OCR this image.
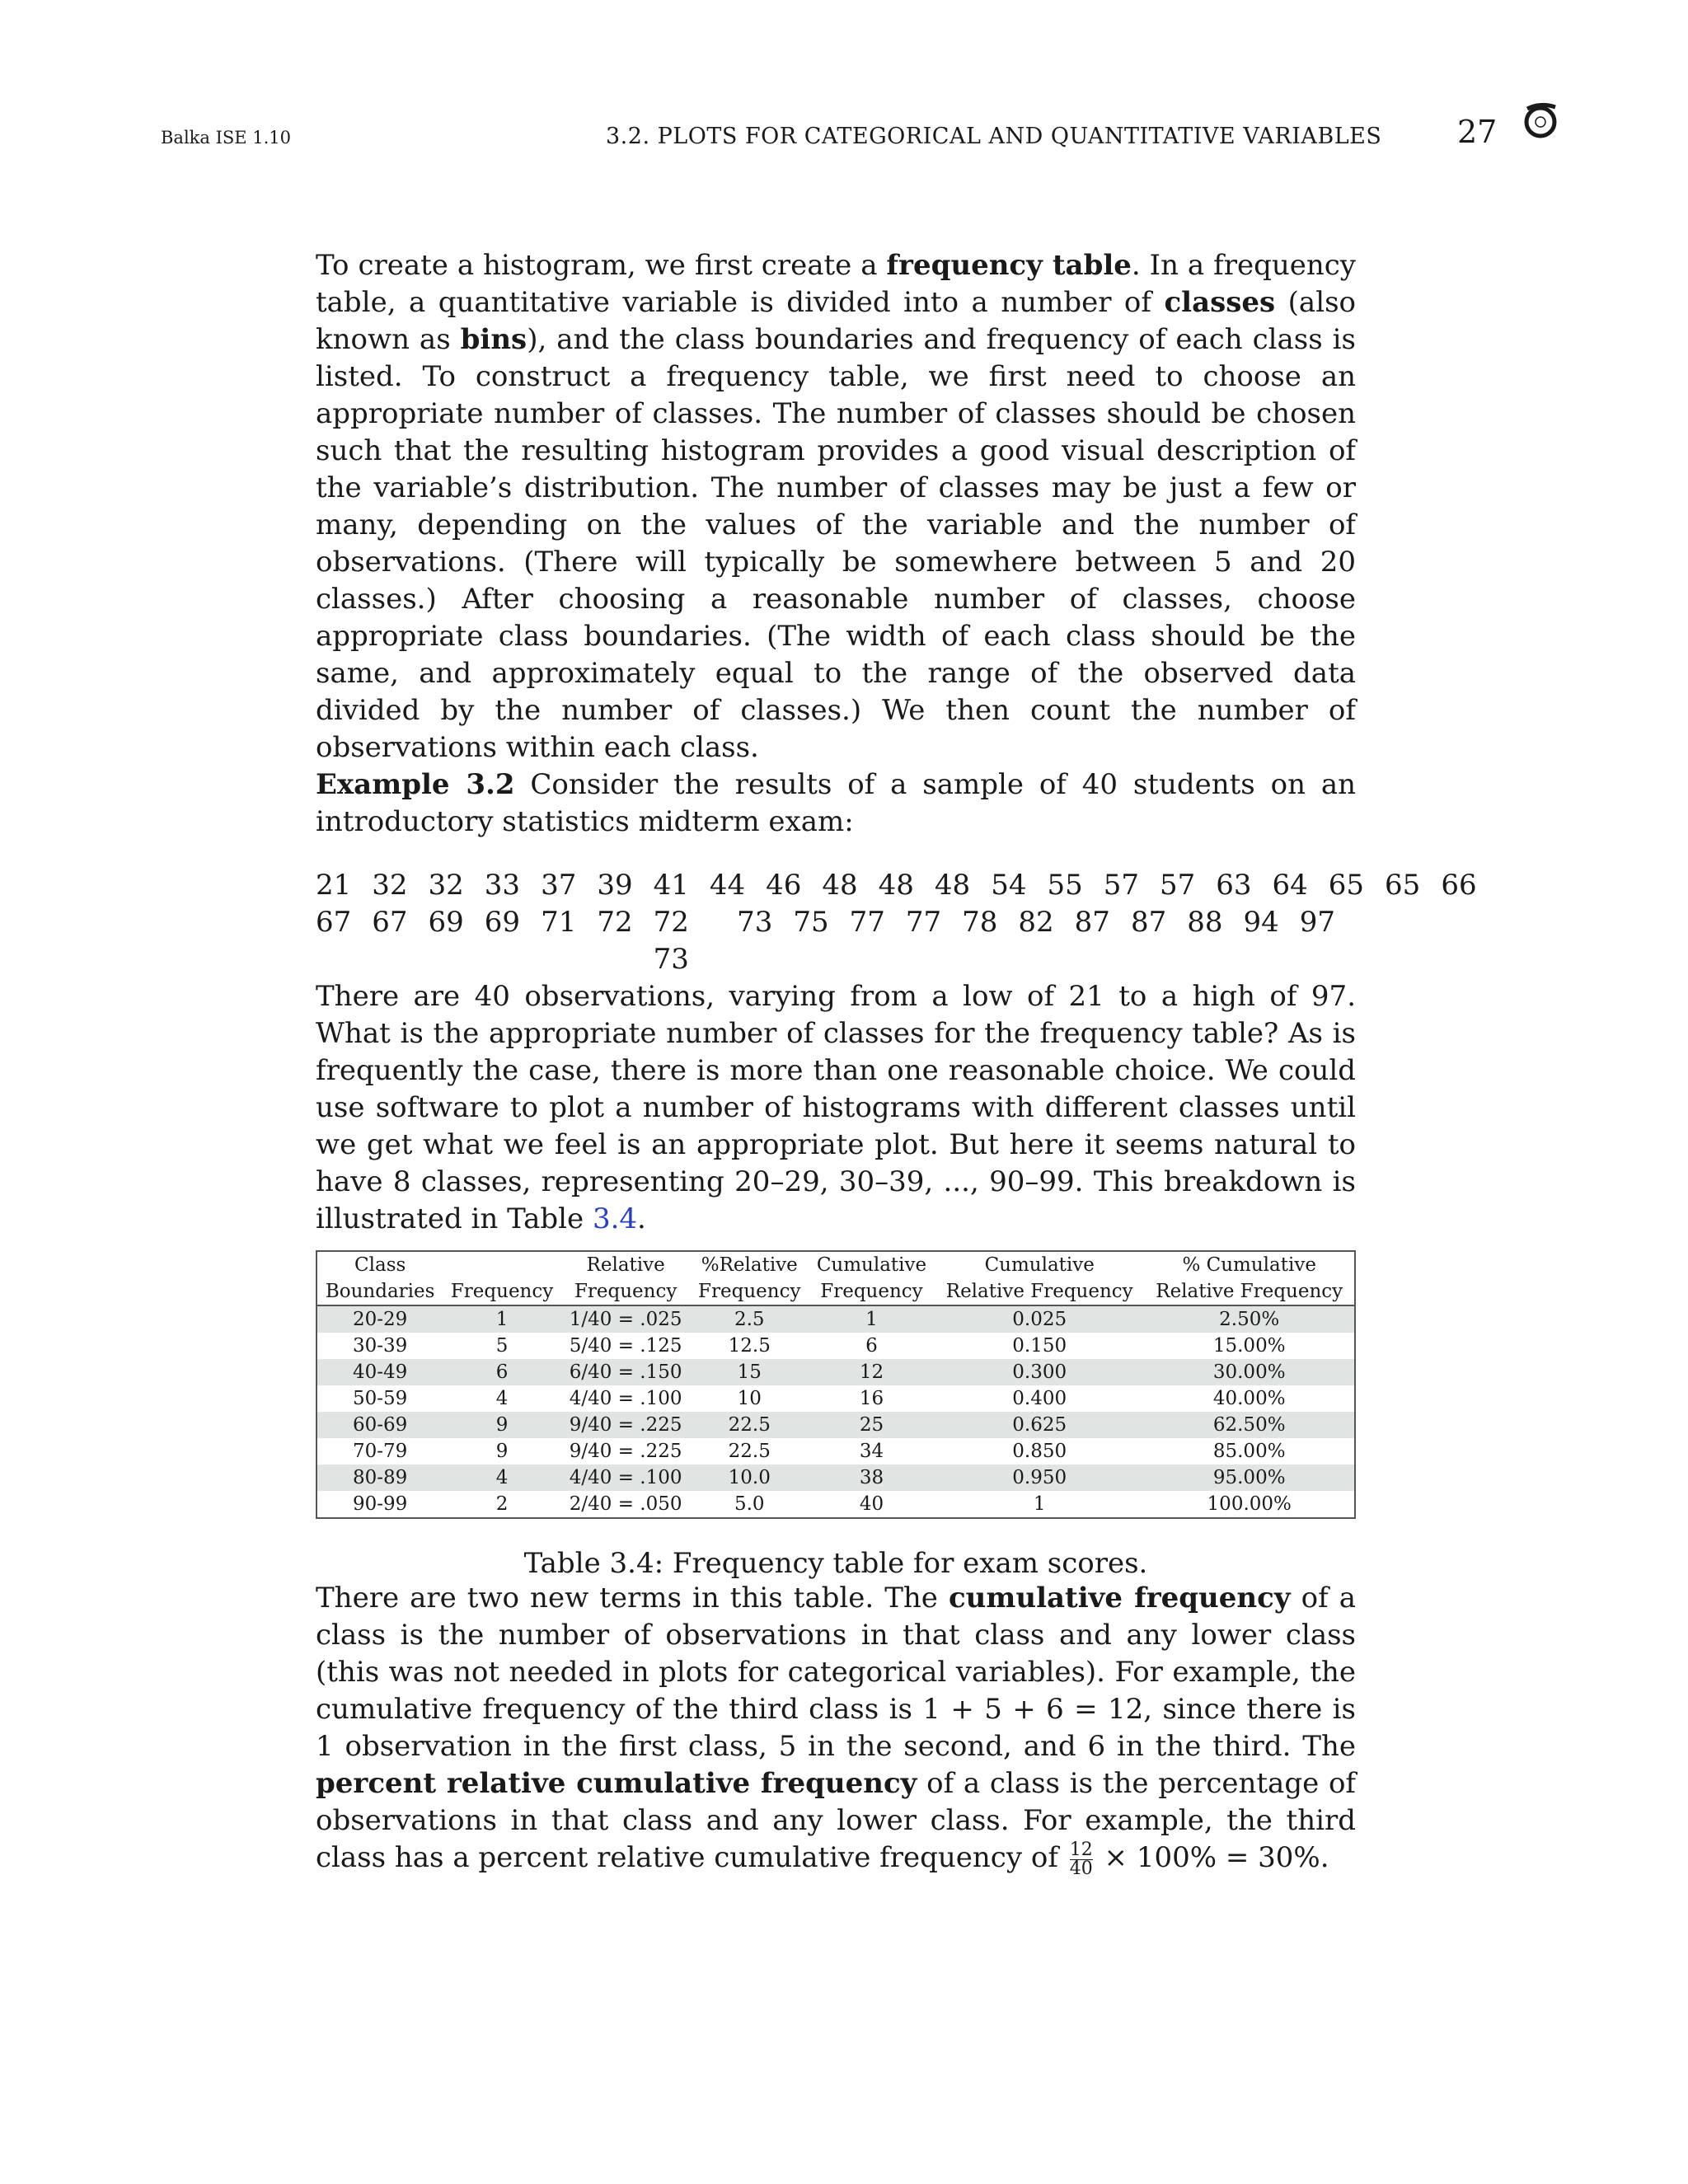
Balka ISE 1.10	3.2. PLOTS FOR CATEGORICAL AND QUANTITATIVE VARIABLES 27

To create a histogram, we first create a frequency table. In a frequency table, a quantitative variable is divided into a number of classes (also known as bins), and the class boundaries and frequency of each class is listed. To construct a frequency table, we first need to choose an appropriate number of classes. The number of classes should be chosen such that the resulting histogram provides a good visual description of the variable’s distribution. The number of classes may be just a few or many, depending on the values of the variable and the number of observations. (There will typically be somewhere between 5 and 20 classes.) After choosing a reasonable number of classes, choose appropriate class boundaries. (The width of each class should be the same, and approximately equal to the range of the observed data divided by the number of classes.) We then count the number of observations within each class.

Example 3.2 Consider the results of a sample of 40 students on an introductory statistics midterm exam:

21 32 32 33 37 39 41 44 46 48 48 48 54 55 57 57 63 64 65 65 66
67 67 69 69 71 72 72 73
73 75 77 77 78 82 87 87 88 94 97

There are 40 observations, varying from a low of 21 to a high of 97. What is the appropriate number of classes for the frequency table? As is frequently the case, there is more than one reasonable choice. We could use software to plot a number of histograms with different classes until we get what we feel is an appropriate plot. But here it seems natural to have 8 classes, representing 20–29, 30–39, ..., 90–99. This breakdown is illustrated in Table 3.4.

Class		Relative	%Relative	Cumulative	Cumulative	% Cumulative
Boundaries	Frequency	Frequency	Frequency	Frequency	Relative Frequency	Relative Frequency
20-29	1	1/40 = .025	2.5	1	0.025	2.50%
30-39	5	5/40 = .125	12.5	6	0.150	15.00%
40-49	6	6/40 = .150	15	12	0.300	30.00%
50-59	4	4/40 = .100	10	16	0.400	40.00%
60-69	9	9/40 = .225	22.5	25	0.625	62.50%
70-79	9	9/40 = .225	22.5	34	0.850	85.00%
80-89	4	4/40 = .100	10.0	38	0.950	95.00%
90-99	2	2/40 = .050	5.0	40	1	100.00%
Table 3.4: Frequency table for exam scores.

There are two new terms in this table. The cumulative frequency of a class is the number of observations in that class and any lower class (this was not needed in plots for categorical variables). For example, the cumulative frequency of the third class is 1 + 5 + 6 = 12, since there is 1 observation in the first class, 5 in the second, and 6 in the third. The percent relative cumulative frequency of a class is the percentage of observations in that class and any lower class. For example, the third class has a percent relative cumulative frequency of $\frac{12}{40} \times 100\% = 30\%$.
